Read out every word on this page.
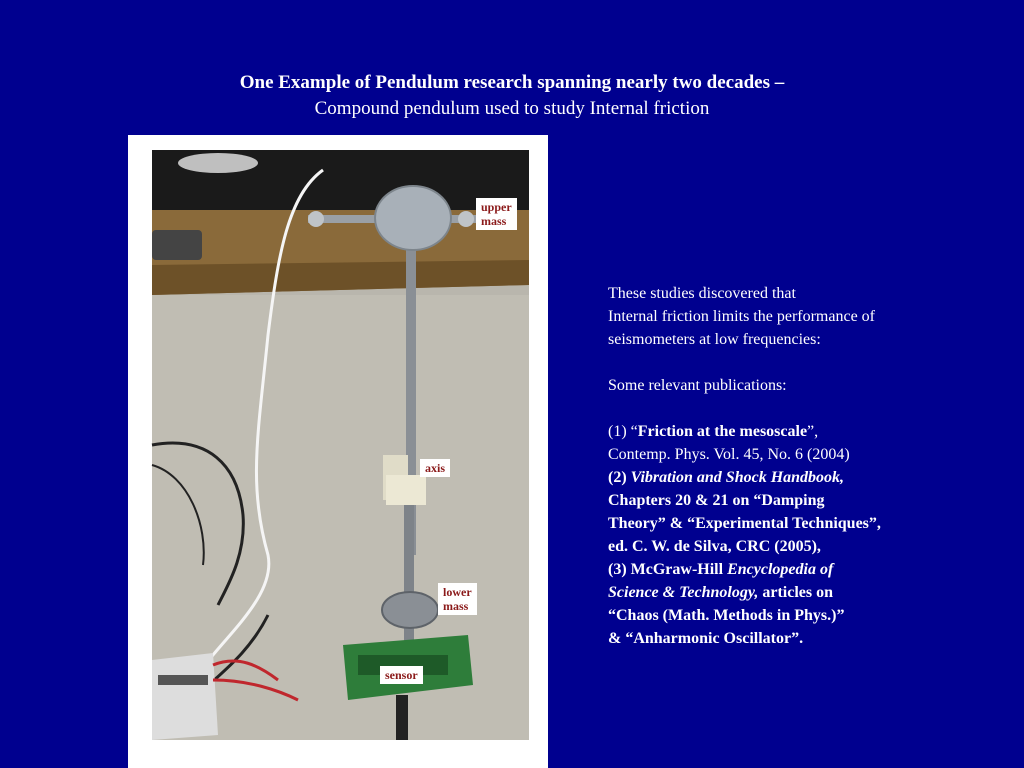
One Example of Pendulum research spanning nearly two decades –
Compound pendulum used to study Internal friction
upper
mass
axis
lower
mass
sensor

These studies discovered that

Internal friction limits the performance of

seismometers at low frequencies:

Some relevant publications:

(1) “Friction at the mesoscale”,

Contemp. Phys. Vol. 45, No. 6 (2004)

(2) Vibration and Shock Handbook,

Chapters 20 & 21 on “Damping

Theory” & “Experimental Techniques”,

ed. C. W. de Silva, CRC (2005),

(3) McGraw-Hill Encyclopedia of

Science & Technology, articles on

“Chaos (Math. Methods in Phys.)”

& “Anharmonic Oscillator”.
